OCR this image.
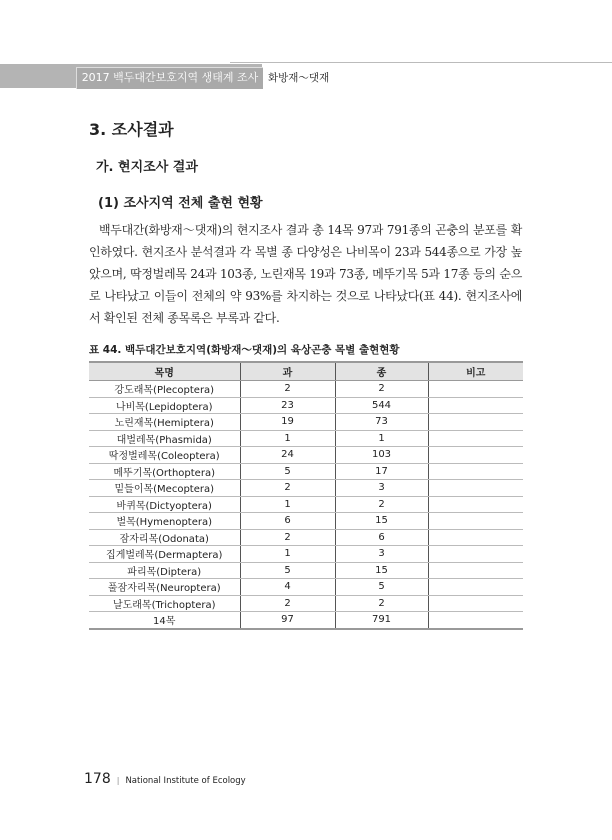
2017 백두대간보호지역 생태계 조사 화방재～댓재
3. 조사결과
가. 현지조사 결과
(1) 조사지역 전체 출현 현황
백두대간(화방재～댓재)의 현지조사 결과 총 14목 97과 791종의 곤충의 분포를 확인하였다. 현지조사 분석결과 각 목별 종 다양성은 나비목이 23과 544종으로 가장 높았으며, 딱정벌레목 24과 103종, 노린재목 19과 73종, 메뚜기목 5과 17종 등의 순으로 나타났고 이들이 전체의 약 93%를 차지하는 것으로 나타났다(표 44). 현지조사에서 확인된 전체 종목록은 부록과 같다.
표 44. 백두대간보호지역(화방재～댓재)의 육상곤충 목별 출현현황
목명	과	종	비고
강도래목(Plecoptera)	2	2	
나비목(Lepidoptera)	23	544	
노린재목(Hemiptera)	19	73	
대벌레목(Phasmida)	1	1	
딱정벌레목(Coleoptera)	24	103	
메뚜기목(Orthoptera)	5	17	
밑들이목(Mecoptera)	2	3	
바퀴목(Dictyoptera)	1	2	
벌목(Hymenoptera)	6	15	
잠자리목(Odonata)	2	6	
집게벌레목(Dermaptera)	1	3	
파리목(Diptera)	5	15	
풀잠자리목(Neuroptera)	4	5	
날도래목(Trichoptera)	2	2	
14목	97	791	
178 | National Institute of Ecology
